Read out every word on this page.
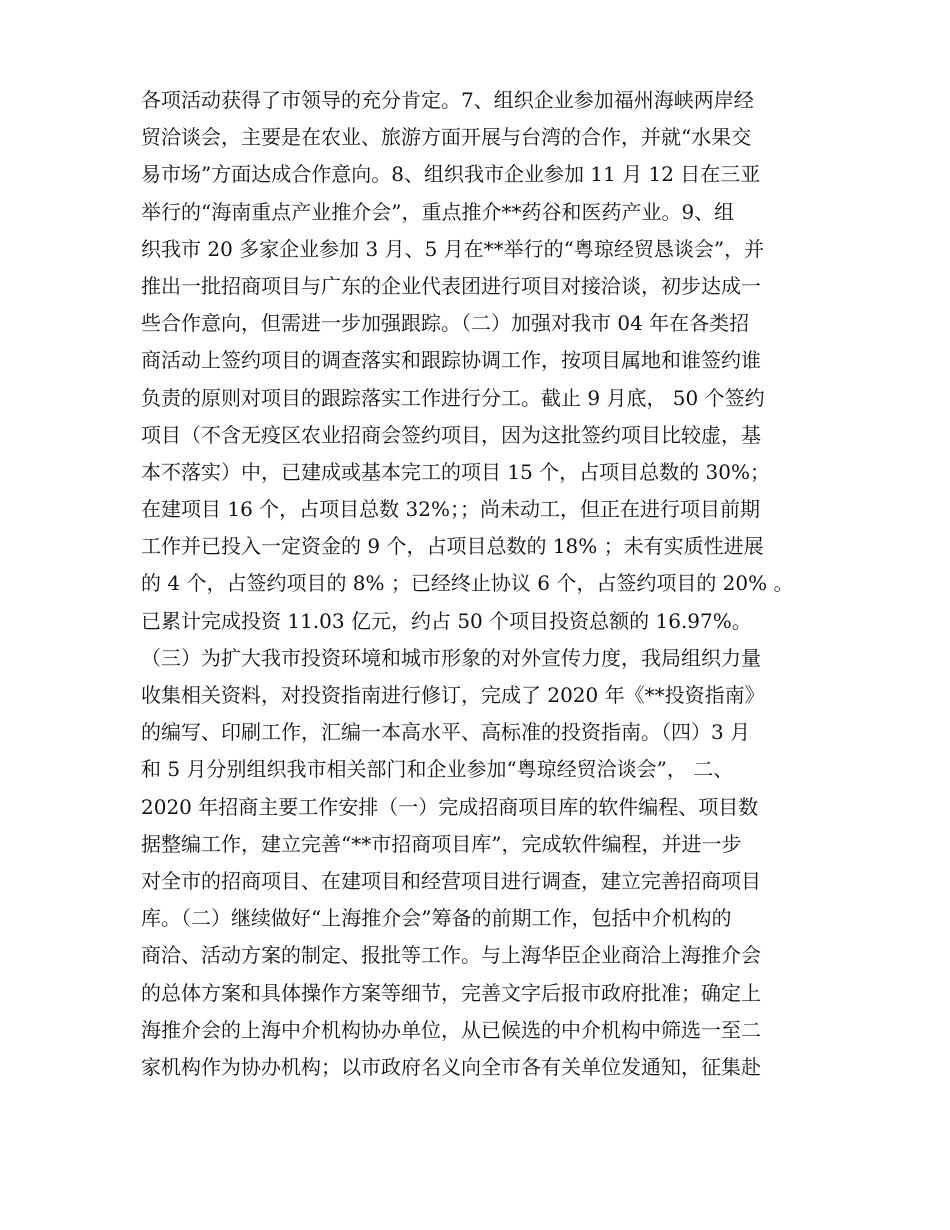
各项活动获得了市领导的充分肯定。7、组织企业参加福州海峡两岸经
贸洽谈会，主要是在农业、旅游方面开展与台湾的合作，并就“水果交
易市场”方面达成合作意向。8、组织我市企业参加 11 月 12 日在三亚
举行的“海南重点产业推介会”，重点推介**药谷和医药产业。9、组
织我市 20 多家企业参加 3 月、5 月在**举行的“粤琼经贸恳谈会”，并
推出一批招商项目与广东的企业代表团进行项目对接洽谈，初步达成一
些合作意向，但需进一步加强跟踪。（二）加强对我市 04 年在各类招
商活动上签约项目的调查落实和跟踪协调工作，按项目属地和谁签约谁
负责的原则对项目的跟踪落实工作进行分工。截止 9 月底， 50 个签约
项目（不含无疫区农业招商会签约项目，因为这批签约项目比较虚，基
本不落实）中，已建成或基本完工的项目 15 个，占项目总数的 30%；
在建项目 16 个，占项目总数 32%；；尚未动工，但正在进行项目前期
工作并已投入一定资金的 9 个，占项目总数的 18% ；未有实质性进展
的 4 个，占签约项目的 8% ；已经终止协议 6 个，占签约项目的 20% 。
已累计完成投资 11.03 亿元，约占 50 个项目投资总额的 16.97%。
（三）为扩大我市投资环境和城市形象的对外宣传力度，我局组织力量
收集相关资料，对投资指南进行修订，完成了 2020 年《**投资指南》
的编写、印刷工作，汇编一本高水平、高标准的投资指南。（四）3 月
和 5 月分别组织我市相关部门和企业参加“粤琼经贸洽谈会”， 二、
2020 年招商主要工作安排（一）完成招商项目库的软件编程、项目数
据整编工作，建立完善“**市招商项目库”，完成软件编程，并进一步
对全市的招商项目、在建项目和经营项目进行调查，建立完善招商项目
库。（二）继续做好“上海推介会”筹备的前期工作，包括中介机构的
商洽、活动方案的制定、报批等工作。与上海华臣企业商洽上海推介会
的总体方案和具体操作方案等细节，完善文字后报市政府批准；确定上
海推介会的上海中介机构协办单位，从已候选的中介机构中筛选一至二
家机构作为协办机构；以市政府名义向全市各有关单位发通知，征集赴
